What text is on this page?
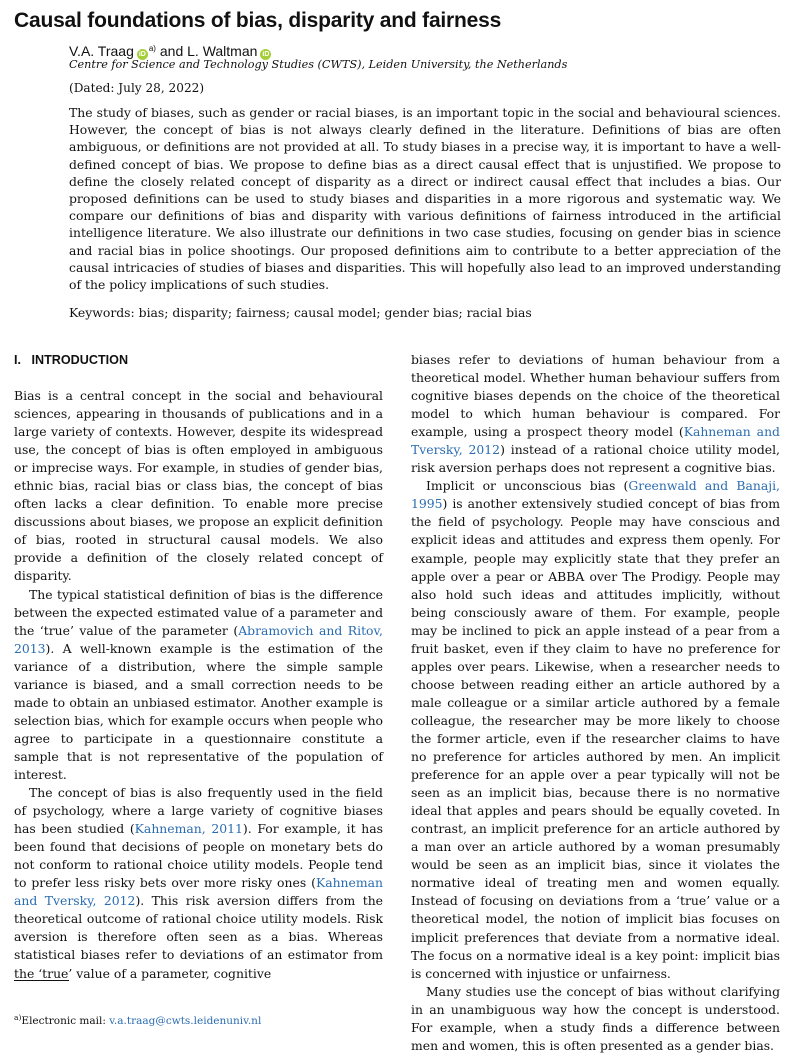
Causal foundations of bias, disparity and fairness
V.A. Traag iD$^{a)}$ and L. Waltman iD
Centre for Science and Technology Studies (CWTS), Leiden University, the Netherlands
(Dated: July 28, 2022)

The study of biases, such as gender or racial biases, is an important topic in the social and behavioural sciences. However, the concept of bias is not always clearly defined in the literature. Definitions of bias are often ambiguous, or definitions are not provided at all. To study biases in a precise way, it is important to have a well-defined concept of bias. We propose to define bias as a direct causal effect that is unjustified. We propose to define the closely related concept of disparity as a direct or indirect causal effect that includes a bias. Our proposed definitions can be used to study biases and disparities in a more rigorous and systematic way. We compare our definitions of bias and disparity with various definitions of fairness introduced in the artificial intelligence literature. We also illustrate our definitions in two case studies, focusing on gender bias in science and racial bias in police shootings. Our proposed definitions aim to contribute to a better appreciation of the causal intricacies of studies of biases and disparities. This will hopefully also lead to an improved understanding of the policy implications of such studies.

Keywords: bias; disparity; fairness; causal model; gender bias; racial bias
I.   INTRODUCTION

Bias is a central concept in the social and behavioural sciences, appearing in thousands of publications and in a large variety of contexts. However, despite its widespread use, the concept of bias is often employed in ambiguous or imprecise ways. For example, in studies of gender bias, ethnic bias, racial bias or class bias, the concept of bias often lacks a clear definition. To enable more precise discussions about biases, we propose an explicit definition of bias, rooted in structural causal models. We also provide a definition of the closely related concept of disparity.

The typical statistical definition of bias is the difference between the expected estimated value of a parameter and the ‘true’ value of the parameter (Abramovich and Ritov, 2013). A well-known example is the estimation of the variance of a distribution, where the simple sample variance is biased, and a small correction needs to be made to obtain an unbiased estimator. Another example is selection bias, which for example occurs when people who agree to participate in a questionnaire constitute a sample that is not representative of the population of interest.

The concept of bias is also frequently used in the field of psychology, where a large variety of cognitive biases has been studied (Kahneman, 2011). For example, it has been found that decisions of people on monetary bets do not conform to rational choice utility models. People tend to prefer less risky bets over more risky ones (Kahneman and Tversky, 2012). This risk aversion differs from the theoretical outcome of rational choice utility models. Risk aversion is therefore often seen as a bias. Whereas statistical biases refer to deviations of an estimator from the ‘true’ value of a parameter, cognitive

biases refer to deviations of human behaviour from a theoretical model. Whether human behaviour suffers from cognitive biases depends on the choice of the theoretical model to which human behaviour is compared. For example, using a prospect theory model (Kahneman and Tversky, 2012) instead of a rational choice utility model, risk aversion perhaps does not represent a cognitive bias.

Implicit or unconscious bias (Greenwald and Banaji, 1995) is another extensively studied concept of bias from the field of psychology. People may have conscious and explicit ideas and attitudes and express them openly. For example, people may explicitly state that they prefer an apple over a pear or ABBA over The Prodigy. People may also hold such ideas and attitudes implicitly, without being consciously aware of them. For example, people may be inclined to pick an apple instead of a pear from a fruit basket, even if they claim to have no preference for apples over pears. Likewise, when a researcher needs to choose between reading either an article authored by a male colleague or a similar article authored by a female colleague, the researcher may be more likely to choose the former article, even if the researcher claims to have no preference for articles authored by men. An implicit preference for an apple over a pear typically will not be seen as an implicit bias, because there is no normative ideal that apples and pears should be equally coveted. In contrast, an implicit preference for an article authored by a man over an article authored by a woman presumably would be seen as an implicit bias, since it violates the normative ideal of treating men and women equally. Instead of focusing on deviations from a ‘true’ value or a theoretical model, the notion of implicit bias focuses on implicit preferences that deviate from a normative ideal. The focus on a normative ideal is a key point: implicit bias is concerned with injustice or unfairness.

Many studies use the concept of bias without clarifying in an unambiguous way how the concept is understood. For example, when a study finds a difference between men and women, this is often presented as a gender bias.

$^{a)}$Electronic mail: v.a.traag@cwts.leidenuniv.nl
